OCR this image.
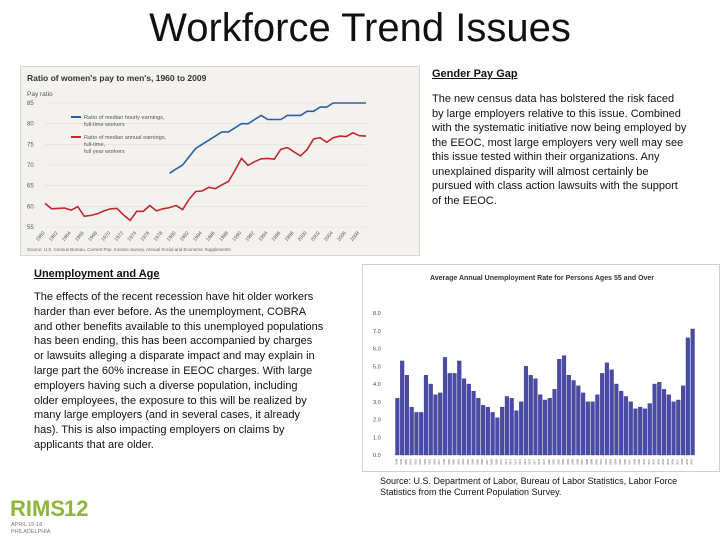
Workforce Trend Issues
Ratio of women's pay to men's, 1960 to 2009
Pay ratio
85
80
75
70
65
60
55
1960 1962 1964 1966 1968 1970 1972 1974 1976 1978 1980 1982 1984 1986 1988 1990 1992 1994 1996 1998 2000 2002 2004 2006 2008
Ratio of median hourly earnings,
full-time workers
Ratio of median annual earnings,
full-time,
full year workers
Source: U.S. Census Bureau, Current Pop. Income Survey, Annual Social and Economic Supplements
Gender Pay Gap
The new census data has bolstered the risk faced by large employers relative to this issue. Combined with the systematic initiative now being employed by the EEOC, most large employers very well may see this issue tested within their organizations. Any unexplained disparity will almost certainly be pursued with class action lawsuits with the support of the EEOC.
Unemployment and Age
The effects of the recent recession have hit older workers harder than ever before. As the unemployment, COBRA and other benefits available to this unemployed populations has been ending, this has been accompanied by charges or lawsuits alleging a disparate impact and may explain in large part the 60% increase in EEOC charges. With large employers having such a diverse population, including older employees, the exposure to this will be realized by many large employers (and in several cases, it already has). This is also impacting employers on claims by applicants that are older.
Average Annual Unemployment Rate for Persons Ages 55 and Over
8.0
7.0
6.0
5.0
4.0
3.0
2.0
1.0
0.0
1948 1949 1950 1951 1952 1953 1954 1955 1956 1957 1958 1959 1960 1961 1962 1963 1964 1965 1966 1967 1968 1969 1970 1971 1972 1973 1974 1975 1976 1977 1978 1979 1980 1981 1982 1983 1984 1985 1986 1987 1988 1989 1990 1991 1992 1993 1994 1995 1996 1997 1998 1999 2000 2001 2002 2003 2004 2005 2006 2007 2008 2009 2010
Source: U.S. Department of Labor, Bureau of Labor Statistics, Labor Force Statistics from the Current Population Survey.
RIMS 12
APRIL 15-18
PHILADELPHIA
